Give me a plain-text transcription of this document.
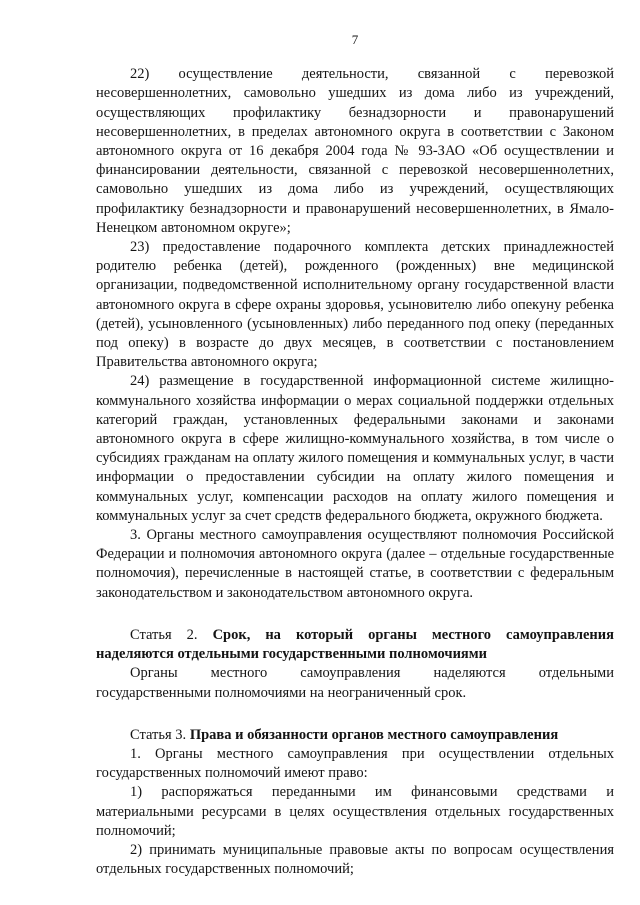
7

22) осуществление деятельности, связанной с перевозкой несовершеннолетних, самовольно ушедших из дома либо из учреждений, осуществляющих профилактику безнадзорности и правонарушений несовершеннолетних, в пределах автономного округа в соответствии с Законом автономного округа от 16 декабря 2004 года № 93-ЗАО «Об осуществлении и финансировании деятельности, связанной с перевозкой несовершеннолетних, самовольно ушедших из дома либо из учреждений, осуществляющих профилактику безнадзорности и правонарушений несовершеннолетних, в Ямало-Ненецком автономном округе»;

23) предоставление подарочного комплекта детских принадлежностей родителю ребенка (детей), рожденного (рожденных) вне медицинской организации, подведомственной исполнительному органу государственной власти автономного округа в сфере охраны здоровья, усыновителю либо опекуну ребенка (детей), усыновленного (усыновленных) либо переданного под опеку (переданных под опеку) в возрасте до двух месяцев, в соответствии с постановлением Правительства автономного округа;

24) размещение в государственной информационной системе жилищно-коммунального хозяйства информации о мерах социальной поддержки отдельных категорий граждан, установленных федеральными законами и законами автономного округа в сфере жилищно-коммунального хозяйства, в том числе о субсидиях гражданам на оплату жилого помещения и коммунальных услуг, в части информации о предоставлении субсидии на оплату жилого помещения и коммунальных услуг, компенсации расходов на оплату жилого помещения и коммунальных услуг за счет средств федерального бюджета, окружного бюджета.

3. Органы местного самоуправления осуществляют полномочия Российской Федерации и полномочия автономного округа (далее – отдельные государственные полномочия), перечисленные в настоящей статье, в соответствии с федеральным законодательством и законодательством автономного округа.

Статья 2. Срок, на который органы местного самоуправления наделяются отдельными государственными полномочиями

Органы местного самоуправления наделяются отдельными государственными полномочиями на неограниченный срок.

Статья 3. Права и обязанности органов местного самоуправления

1. Органы местного самоуправления при осуществлении отдельных государственных полномочий имеют право:

1) распоряжаться переданными им финансовыми средствами и материальными ресурсами в целях осуществления отдельных государственных полномочий;

2) принимать муниципальные правовые акты по вопросам осуществления отдельных государственных полномочий;
